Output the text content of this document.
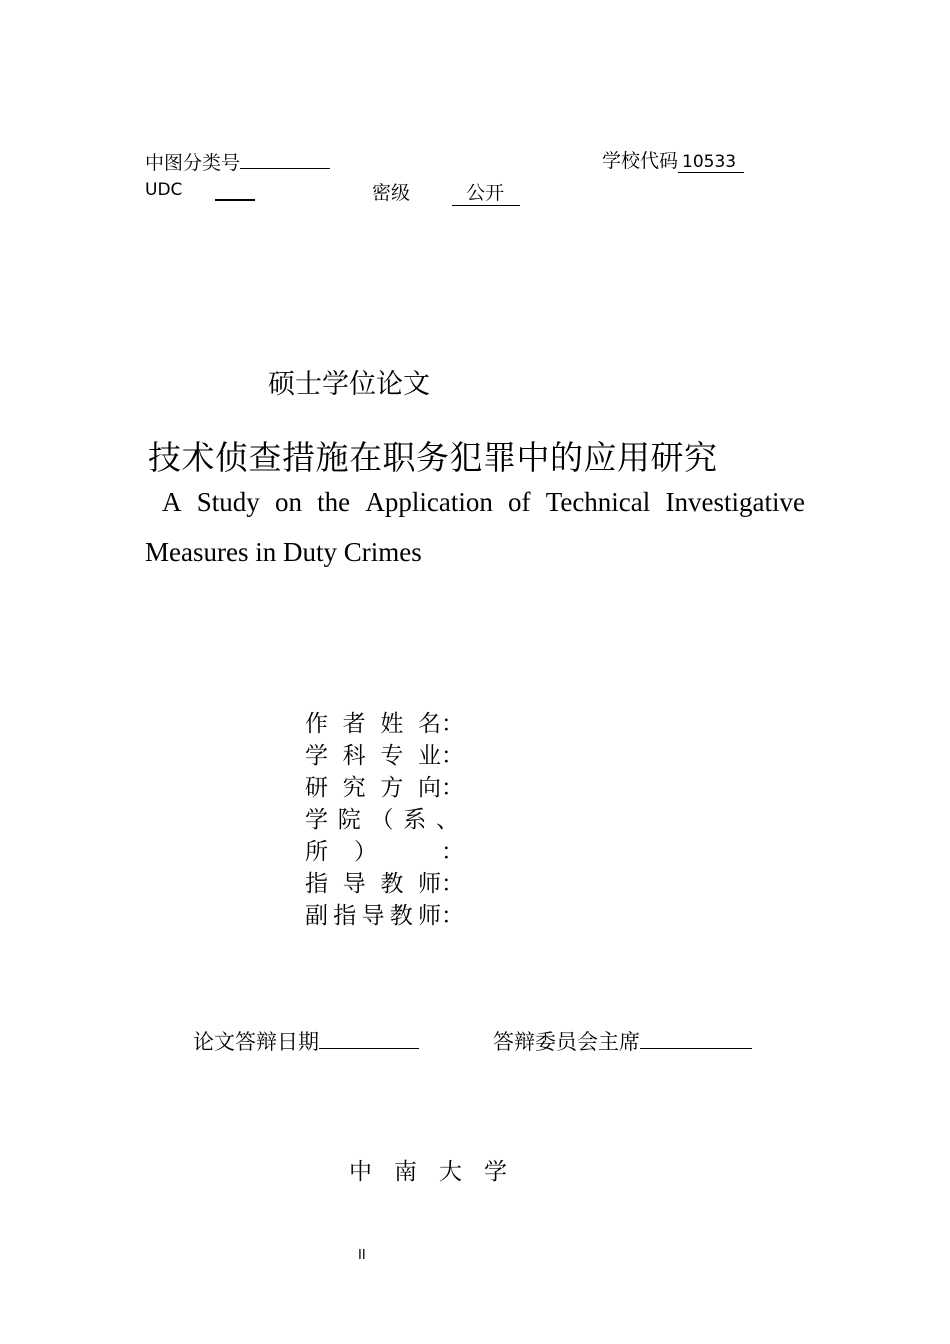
中图分类号	学校代码 10533
UDC	密级	公开
硕士学位论文
技术侦查措施在职务犯罪中的应用研究
A Study on the Application of Technical Investigative
Measures in Duty Crimes
作者姓名：
学科专业：
研究方向：
学院（系、
所）	：
指导教师：
副指导教师：
论文答辩日期	答辩委员会主席
中南大学
II
